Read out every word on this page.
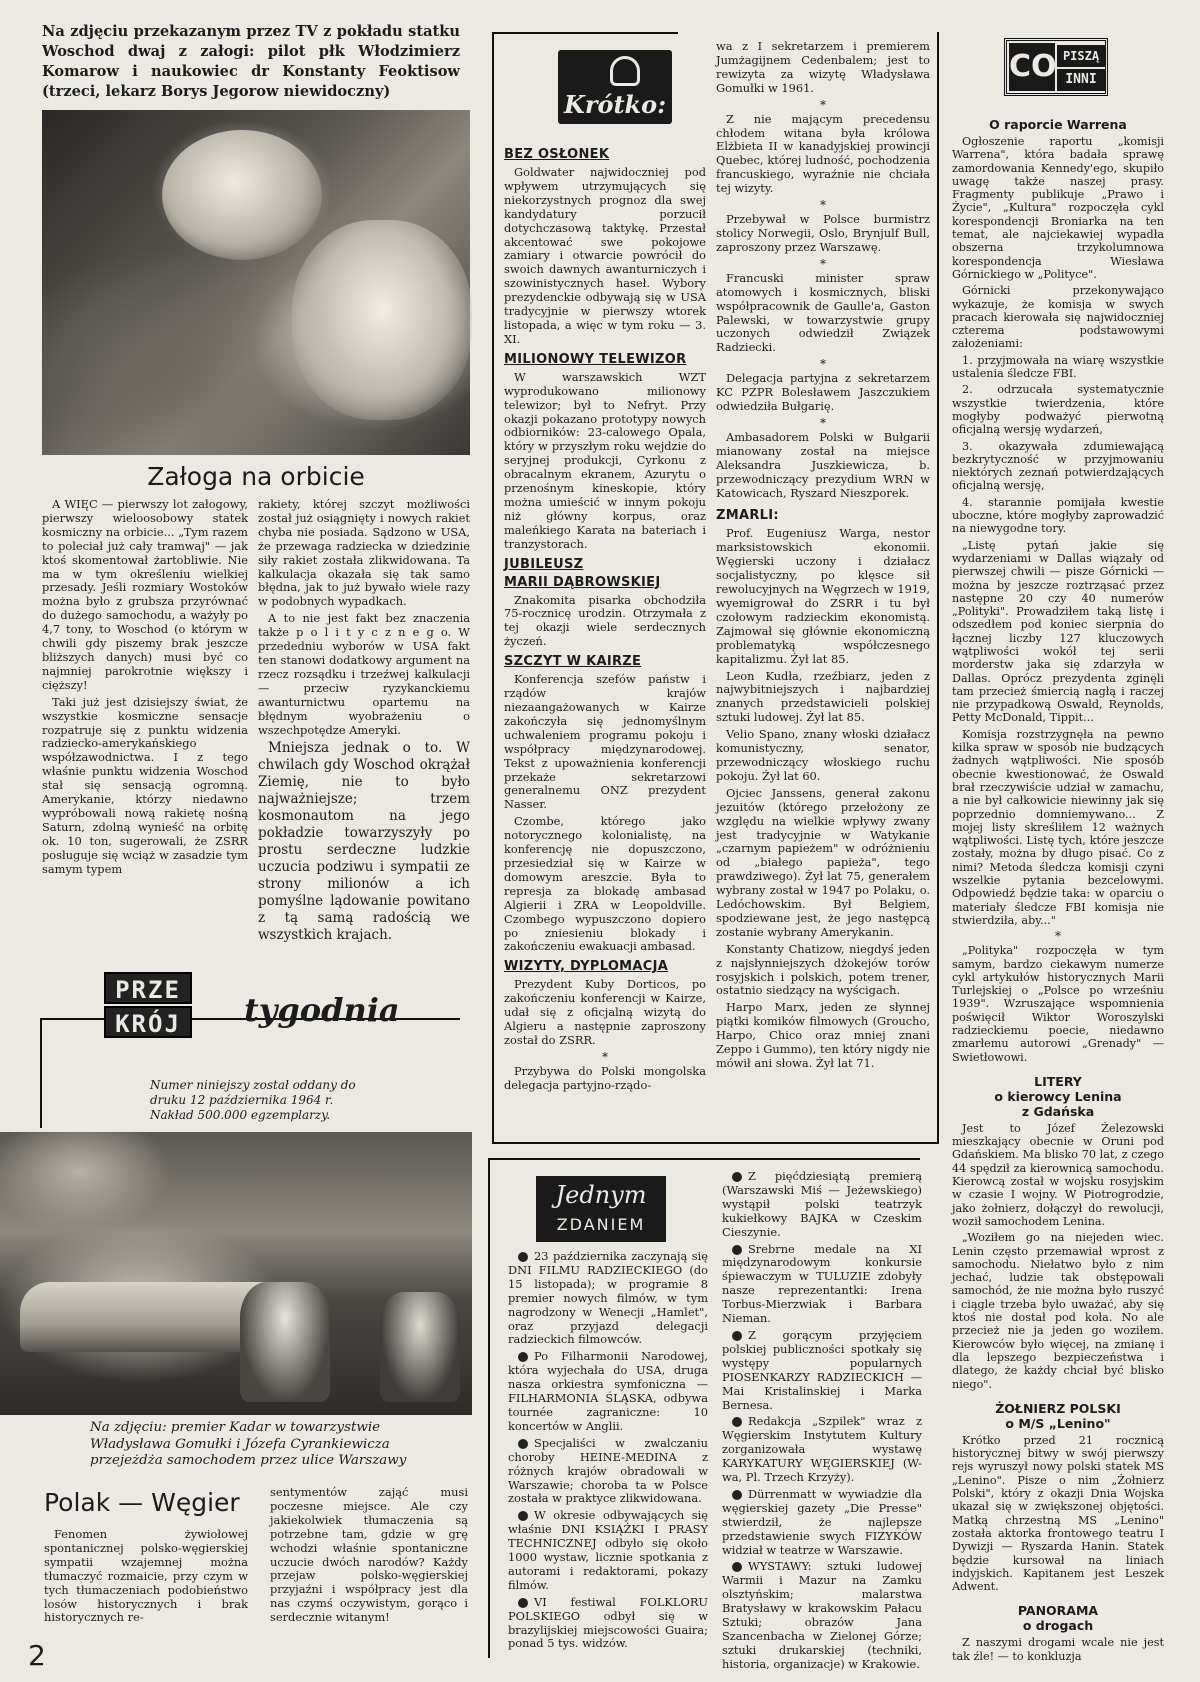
Na zdjęciu przekazanym przez TV z pokładu statku Woschod dwaj z załogi: pilot płk Włodzimierz Komarow i naukowiec dr Konstanty Feoktisow (trzeci, lekarz Borys Jegorow niewidoczny)
Załoga na orbicie

A WIĘC — pierwszy lot załogowy, pierwszy wieloosobowy statek kosmiczny na orbicie... „Tym razem to poleciał już cały tramwaj" — jak ktoś skomentował żartobliwie. Nie ma w tym określeniu wielkiej przesady. Jeśli rozmiary Wostoków można było z grubsza przyrównać do dużego samochodu, a ważyły po 4,7 tony, to Woschod (o którym w chwili gdy piszemy brak jeszcze bliższych danych) musi być co najmniej parokrotnie większy i cięższy!

Taki już jest dzisiejszy świat, że wszystkie kosmiczne sensacje rozpatruje się z punktu widzenia radziecko-amerykańskiego współzawodnictwa. I z tego właśnie punktu widzenia Woschod stał się sensacją ogromną. Amerykanie, którzy niedawno wypróbowali nową rakietę nośną Saturn, zdolną wynieść na orbitę ok. 10 ton, sugerowali, że ZSRR posługuje się wciąż w zasadzie tym samym typem

rakiety, której szczyt możliwości został już osiągnięty i nowych rakiet chyba nie posiada. Sądzono w USA, że przewaga radziecka w dziedzinie siły rakiet została zlikwidowana. Ta kalkulacja okazała się tak samo błędna, jak to już bywało wiele razy w podobnych wypadkach.

A to nie jest fakt bez znaczenia także p o l i t y c z n e g o. W przededniu wyborów w USA fakt ten stanowi dodatkowy argument na rzecz rozsądku i trzeźwej kalkulacji — przeciw ryzykanckiemu awanturnictwu opartemu na błędnym wyobrażeniu o wszechpotędze Ameryki.

Mniejsza jednak o to. W chwilach gdy Woschod okrążał Ziemię, nie to było najważniejsze; trzem kosmonautom na jego pokładzie towarzyszyły po prostu serdeczne ludzkie uczucia podziwu i sympatii ze strony milionów a ich pomyślne lądowanie powitano z tą samą radością we wszystkich krajach.

PRZE
KRÓJ	tygodnia
Numer niniejszy został oddany do druku 12 października 1964 r. Nakład 500.000 egzemplarzy.
Na zdjęciu: premier Kadar w towarzystwie Władysława Gomułki i Józefa Cyrankiewicza przejeżdża samochodem przez ulice Warszawy
Polak — Węgier

Fenomen żywiołowej spontanicznej polsko-węgierskiej sympatii wzajemnej można tłumaczyć rozmaicie, przy czym w tych tłumaczeniach podobieństwo losów historycznych i brak historycznych re-

sentymentów zająć musi poczesne miejsce. Ale czy jakiekolwiek tłumaczenia są potrzebne tam, gdzie w grę wchodzi właśnie spontaniczne uczucie dwóch narodów? Każdy przejaw polsko-węgierskiej przyjaźni i współpracy jest dla nas czymś oczywistym, gorąco i serdecznie witanym!

2
Krótko:
BEZ OSŁONEK

Goldwater najwidoczniej pod wpływem utrzymujących się niekorzystnych prognoz dla swej kandydatury porzucił dotychczasową taktykę. Przestał akcentować swe pokojowe zamiary i otwarcie powrócił do swoich dawnych awanturniczych i szowinistycznych haseł. Wybory prezydenckie odbywają się w USA tradycyjnie w pierwszy wtorek listopada, a więc w tym roku — 3. XI.

MILIONOWY TELEWIZOR

W warszawskich WZT wyprodukowano milionowy telewizor; był to Nefryt. Przy okazji pokazano prototypy nowych odbiorników: 23-calowego Opala, który w przyszłym roku wejdzie do seryjnej produkcji, Cyrkonu z obracalnym ekranem, Azurytu o przenośnym kineskopie, który można umieścić w innym pokoju niż główny korpus, oraz maleńkiego Karata na bateriach i tranzystorach.

JUBILEUSZ
MARII DĄBROWSKIEJ

Znakomita pisarka obchodziła 75-rocznicę urodzin. Otrzymała z tej okazji wiele serdecznych życzeń.

SZCZYT W KAIRZE

Konferencja szefów państw i rządów krajów niezaangażowanych w Kairze zakończyła się jednomyślnym uchwaleniem programu pokoju i współpracy międzynarodowej. Tekst z upoważnienia konferencji przekaże sekretarzowi generalnemu ONZ prezydent Nasser.

Czombe, którego jako notorycznego kolonialistę, na konferencję nie dopuszczono, przesiedział się w Kairze w domowym areszcie. Była to represja za blokadę ambasad Algierii i ZRA w Leopoldville. Czombego wypuszczono dopiero po zniesieniu blokady i zakończeniu ewakuacji ambasad.

WIZYTY, DYPLOMACJA

Prezydent Kuby Dorticos, po zakończeniu konferencji w Kairze, udał się z oficjalną wizytą do Algieru a następnie zaproszony został do ZSRR.

*

Przybywa do Polski mongolska delegacja partyjno-rządo-

wa z I sekretarzem i premierem Jumżagijnem Cedenbalem; jest to rewizyta za wizytę Władysława Gomułki w 1961.

*

Z nie mającym precedensu chłodem witana była królowa Elżbieta II w kanadyjskiej prowincji Quebec, której ludność, pochodzenia francuskiego, wyraźnie nie chciała tej wizyty.

*

Przebywał w Polsce burmistrz stolicy Norwegii, Oslo, Brynjulf Bull, zaproszony przez Warszawę.

*

Francuski minister spraw atomowych i kosmicznych, bliski współpracownik de Gaulle'a, Gaston Palewski, w towarzystwie grupy uczonych odwiedził Związek Radziecki.

*

Delegacja partyjna z sekretarzem KC PZPR Bolesławem Jaszczukiem odwiedziła Bułgarię.

*

Ambasadorem Polski w Bułgarii mianowany został na miejsce Aleksandra Juszkiewicza, b. przewodniczący prezydium WRN w Katowicach, Ryszard Nieszporek.

ZMARLI:

Prof. Eugeniusz Warga, nestor marksistowskich ekonomii. Węgierski uczony i działacz socjalistyczny, po klęsce sił rewolucyjnych na Węgrzech w 1919, wyemigrował do ZSRR i tu był czołowym radzieckim ekonomistą. Zajmował się głównie ekonomiczną problematyką współczesnego kapitalizmu. Żył lat 85.

Leon Kudła, rzeźbiarz, jeden z najwybitniejszych i najbardziej znanych przedstawicieli polskiej sztuki ludowej. Żył lat 85.

Velio Spano, znany włoski działacz komunistyczny, senator, przewodniczący włoskiego ruchu pokoju. Żył lat 60.

Ojciec Janssens, generał zakonu jezuitów (którego przełożony ze względu na wielkie wpływy zwany jest tradycyjnie w Watykanie „czarnym papieżem" w odróżnieniu od „białego papieża", tego prawdziwego). Żył lat 75, generałem wybrany został w 1947 po Polaku, o. Ledóchowskim. Był Belgiem, spodziewane jest, że jego następcą zostanie wybrany Amerykanin.

Konstanty Chatizow, niegdyś jeden z najsłynniejszych dżokejów torów rosyjskich i polskich, potem trener, ostatnio siedzący na wyścigach.

Harpo Marx, jeden ze słynnej piątki komików filmowych (Groucho, Harpo, Chico oraz mniej znani Zeppo i Gummo), ten który nigdy nie mówił ani słowa. Żył lat 71.

Jednym
ZDANIEM

23 października zaczynają się DNI FILMU RADZIECKIEGO (do 15 listopada); w programie 8 premier nowych filmów, w tym nagrodzony w Wenecji „Hamlet", oraz przyjazd delegacji radzieckich filmowców.

Po Filharmonii Narodowej, która wyjechała do USA, druga nasza orkiestra symfoniczna — FILHARMONIA ŚLĄSKA, odbywa tournée zagraniczne: 10 koncertów w Anglii.

Specjaliści w zwalczaniu choroby HEINE-MEDINA z różnych krajów obradowali w Warszawie; choroba ta w Polsce została w praktyce zlikwidowana.

W okresie odbywających się właśnie DNI KSIĄŻKI I PRASY TECHNICZNEJ odbyło się około 1000 wystaw, licznie spotkania z autorami i redaktorami, pokazy filmów.

VI festiwal FOLKLORU POLSKIEGO odbył się w brazylijskiej miejscowości Guaira; ponad 5 tys. widzów.

Z pięćdziesiątą premierą (Warszawski Miś — Jeżewskiego) wystąpił polski teatrzyk kukiełkowy BAJKA w Czeskim Cieszynie.

Srebrne medale na XI międzynarodowym konkursie śpiewaczym w TULUZIE zdobyły nasze reprezentantki: Irena Torbus-Mierzwiak i Barbara Nieman.

Z gorącym przyjęciem polskiej publiczności spotkały się występy popularnych PIOSENKARZY RADZIECKICH — Mai Kristalinskiej i Marka Bernesa.

Redakcja „Szpilek" wraz z Węgierskim Instytutem Kultury zorganizowała wystawę KARYKATURY WĘGIERSKIEJ (W-wa, Pl. Trzech Krzyży).

Dürrenmatt w wywiadzie dla węgierskiej gazety „Die Presse" stwierdził, że najlepsze przedstawienie swych FIZYKÓW widział w teatrze w Warszawie.

WYSTAWY: sztuki ludowej Warmii i Mazur na Zamku olsztyńskim; malarstwa Bratysławy w krakowskim Pałacu Sztuki; obrazów Jana Szancenbacha w Zielonej Górze; sztuki drukarskiej (techniki, historia, organizacje) w Krakowie.

CO PISZĄ
INNI
O raporcie Warrena

Ogłoszenie raportu „komisji Warrena", która badała sprawę zamordowania Kennedy'ego, skupiło uwagę także naszej prasy. Fragmenty publikuje „Prawo i Życie", „Kultura" rozpoczęła cykl korespondencji Broniarka na ten temat, ale najciekawiej wypadła obszerna trzykolumnowa korespondencja Wiesława Górnickiego w „Polityce".

Górnicki przekonywająco wykazuje, że komisja w swych pracach kierowała się najwidoczniej czterema podstawowymi założeniami:

1. przyjmowała na wiarę wszystkie ustalenia śledcze FBI.

2. odrzucała systematycznie wszystkie twierdzenia, które mogłyby podważyć pierwotną oficjalną wersję wydarzeń,

3. okazywała zdumiewającą bezkrytyczność w przyjmowaniu niektórych zeznań potwierdzających oficjalną wersję,

4. starannie pomijała kwestie uboczne, które mogłyby zaprowadzić na niewygodne tory.

„Listę pytań jakie się wydarzeniami w Dallas wiązały od pierwszej chwili — pisze Górnicki — można by jeszcze roztrząsać przez następne 20 czy 40 numerów „Polityki". Prowadziłem taką listę i odszedłem pod koniec sierpnia do łącznej liczby 127 kluczowych wątpliwości wokół tej serii morderstw jaka się zdarzyła w Dallas. Oprócz prezydenta zginęli tam przecież śmiercią nagłą i raczej nie przypadkową Oswald, Reynolds, Petty McDonald, Tippit...

Komisja rozstrzygnęła na pewno kilka spraw w sposób nie budzących żadnych wątpliwości. Nie sposób obecnie kwestionować, że Oswald brał rzeczywiście udział w zamachu, a nie był całkowicie niewinny jak się poprzednio domniemywano... Z mojej listy skreśliłem 12 ważnych wątpliwości. Listę tych, które jeszcze zostały, można by długo pisać. Co z nimi? Metoda śledcza komisji czyni wszelkie pytania bezcelowymi. Odpowiedź będzie taka: w oparciu o materiały śledcze FBI komisja nie stwierdziła, aby..."

*

„Polityka" rozpoczęła w tym samym, bardzo ciekawym numerze cykl artykułów historycznych Marii Turlejskiej o „Polsce po wrześniu 1939". Wzruszające wspomnienia poświęcił Wiktor Woroszylski radzieckiemu poecie, niedawno zmarłemu autorowi „Grenady" — Swietłowowi.

LITERY
o kierowcy Lenina
z Gdańska

Jest to Józef Żelezowski mieszkający obecnie w Oruni pod Gdańskiem. Ma blisko 70 lat, z czego 44 spędził za kierownicą samochodu. Kierowcą został w wojsku rosyjskim w czasie I wojny. W Piotrogrodzie, jako żołnierz, dołączył do rewolucji, woził samochodem Lenina.

„Woziłem go na niejeden wiec. Lenin często przemawiał wprost z samochodu. Niełatwo było z nim jechać, ludzie tak obstępowali samochód, że nie można było ruszyć i ciągle trzeba było uważać, aby się ktoś nie dostał pod koła. No ale przecież nie ja jeden go woziłem. Kierowców było więcej, na zmianę i dla lepszego bezpieczeństwa i dlatego, że każdy chciał być blisko niego".

ŻOŁNIERZ POLSKI
o M/S „Lenino"

Krótko przed 21 rocznicą historycznej bitwy w swój pierwszy rejs wyruszył nowy polski statek MS „Lenino". Pisze o nim „Żołnierz Polski", który z okazji Dnia Wojska ukazał się w zwiększonej objętości. Matką chrzestną MS „Lenino" została aktorka frontowego teatru I Dywizji — Ryszarda Hanin. Statek będzie kursował na liniach indyjskich. Kapitanem jest Leszek Adwent.

PANORAMA
o drogach

Z naszymi drogami wcale nie jest tak źle! — to konkluzja
